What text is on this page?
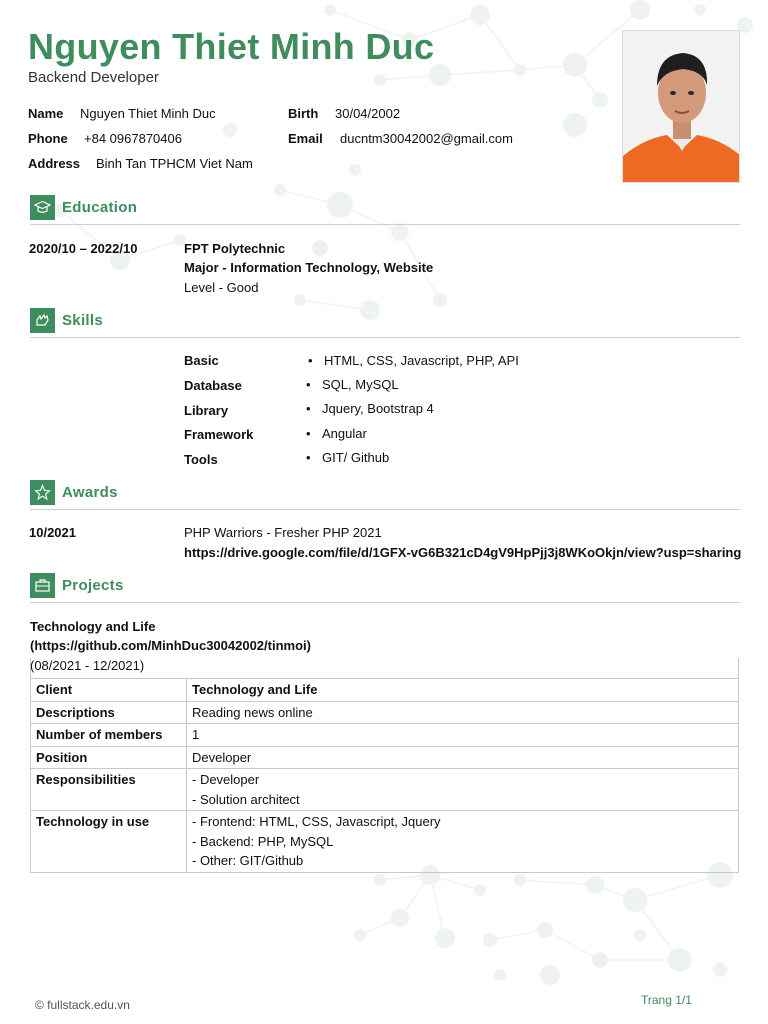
Nguyen Thiet Minh Duc
Backend Developer
Name Nguyen Thiet Minh Duc	Birth 30/04/2002
Phone +84 0967870406	Email ducntm30042002@gmail.com
Address Binh Tan TPHCM Viet Nam
Education
2020/10 – 2022/10	FPT Polytechnic
Major - Information Technology, Website
Level - Good
Skills
Basic	• HTML, CSS, Javascript, PHP, API
Database	• SQL, MySQL
Library	• Jquery, Bootstrap 4
Framework	• Angular
Tools	• GIT/ Github
Awards
10/2021	PHP Warriors - Fresher PHP 2021
https://drive.google.com/file/d/1GFX-vG6B321cD4gV9HpPjj3j8WKoOkjn/view?usp=sharing
Projects
Technology and Life
(https://github.com/MinhDuc30042002/tinmoi)
(08/2021 - 12/2021)
Client	Technology and Life
Descriptions	Reading news online
Number of members	1
Position	Developer
Responsibilities	- Developer
- Solution architect

Technology in use	- Frontend: HTML, CSS, Javascript, Jquery
- Backend: PHP, MySQL
- Other: GIT/Github
© fullstack.edu.vn	Trang 1/1
